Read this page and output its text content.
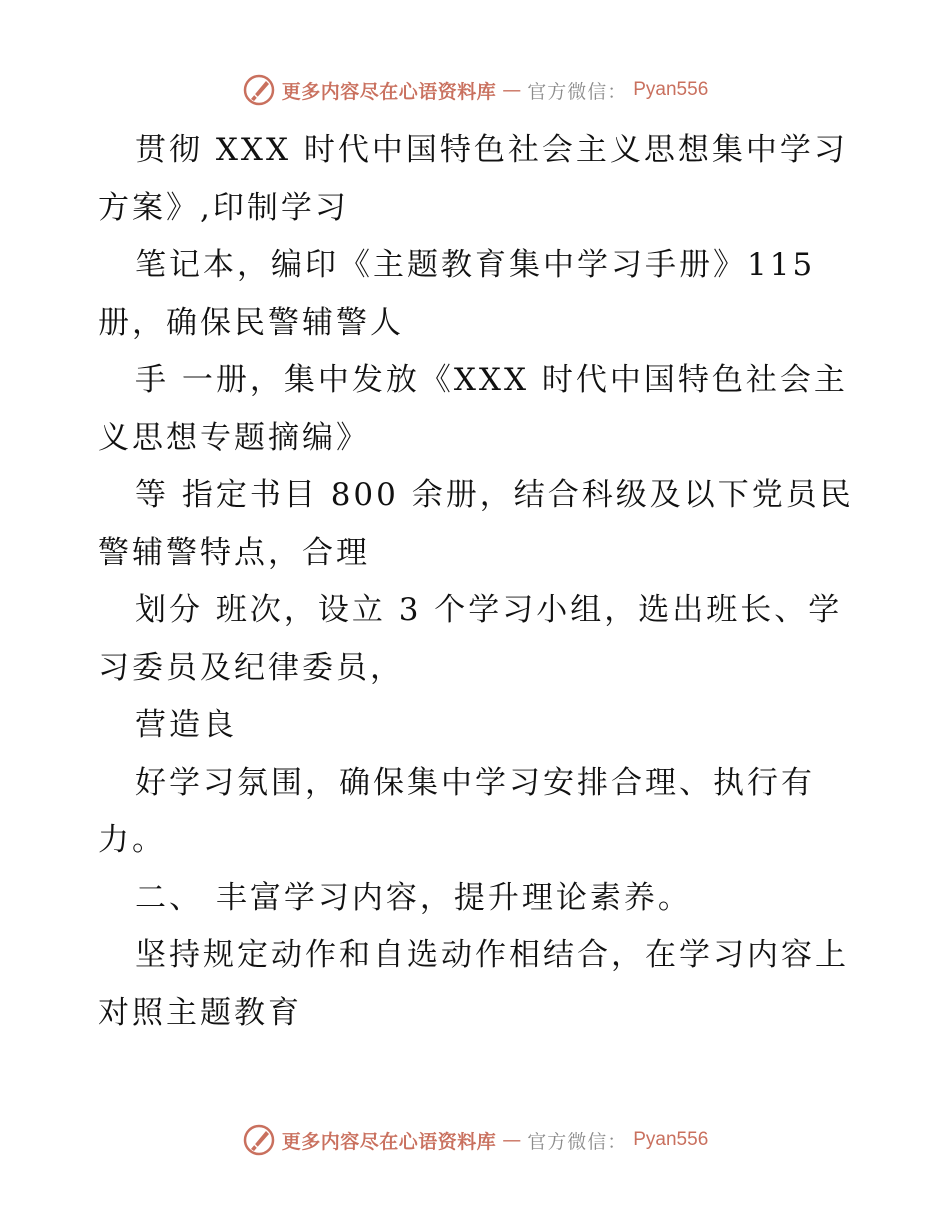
更多内容尽在心语资料库 — 官方微信： Pyan556
贯彻 XXX 时代中国特色社会主义思想集中学习
方案》,印制学习
笔记本，编印《主题教育集中学习手册》115
册，确保民警辅警人
手 一册，集中发放《XXX 时代中国特色社会主
义思想专题摘编》
等 指定书目 800 余册，结合科级及以下党员民
警辅警特点，合理
划分 班次，设立 3 个学习小组，选出班长、学
习委员及纪律委员，
营造良
好学习氛围，确保集中学习安排合理、执行有
力。
二、 丰富学习内容，提升理论素养。
坚持规定动作和自选动作相结合，在学习内容上
对照主题教育
更多内容尽在心语资料库 — 官方微信： Pyan556
